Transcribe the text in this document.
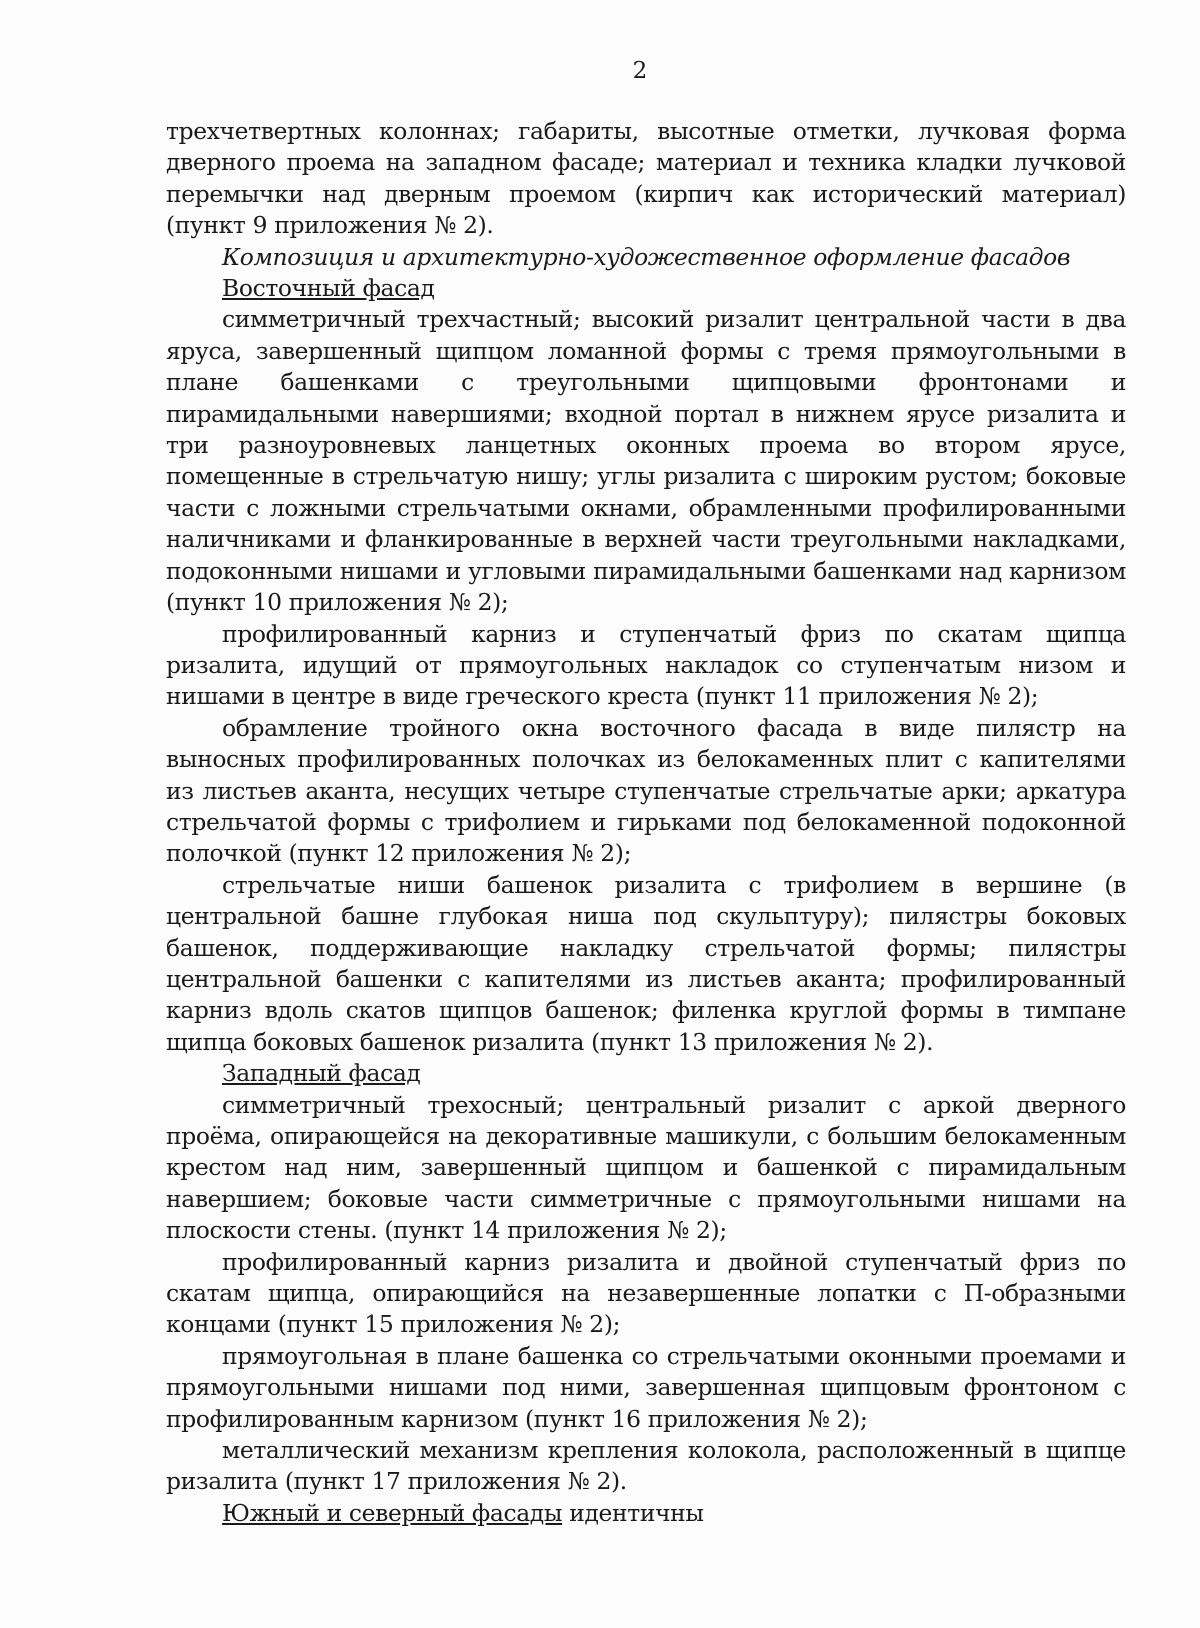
2

трехчетвертных колоннах; габариты, высотные отметки, лучковая форма дверного проема на западном фасаде; материал и техника кладки лучковой перемычки над дверным проемом (кирпич как исторический материал) (пункт 9 приложения № 2).

Композиция и архитектурно-художественное оформление фасадов

Восточный фасад

симметричный трехчастный; высокий ризалит центральной части в два яруса, завершенный щипцом ломанной формы с тремя прямоугольными в плане башенками с треугольными щипцовыми фронтонами и пирамидальными навершиями; входной портал в нижнем ярусе ризалита и три разноуровневых ланцетных оконных проема во втором ярусе, помещенные в стрельчатую нишу; углы ризалита с широким рустом; боковые части с ложными стрельчатыми окнами, обрамленными профилированными наличниками и фланкированные в верхней части треугольными накладками, подоконными нишами и угловыми пирамидальными башенками над карнизом (пункт 10 приложения № 2);

профилированный карниз и ступенчатый фриз по скатам щипца ризалита, идущий от прямоугольных накладок со ступенчатым низом и нишами в центре в виде греческого креста (пункт 11 приложения № 2);

обрамление тройного окна восточного фасада в виде пилястр на выносных профилированных полочках из белокаменных плит с капителями из листьев аканта, несущих четыре ступенчатые стрельчатые арки; аркатура стрельчатой формы с трифолием и гирьками под белокаменной подоконной полочкой (пункт 12 приложения № 2);

стрельчатые ниши башенок ризалита с трифолием в вершине (в центральной башне глубокая ниша под скульптуру); пилястры боковых башенок, поддерживающие накладку стрельчатой формы; пилястры центральной башенки с капителями из листьев аканта; профилированный карниз вдоль скатов щипцов башенок; филенка круглой формы в тимпане щипца боковых башенок ризалита (пункт 13 приложения № 2).

Западный фасад

симметричный трехосный; центральный ризалит с аркой дверного проёма, опирающейся на декоративные машикули, с большим белокаменным крестом над ним, завершенный щипцом и башенкой с пирамидальным навершием; боковые части симметричные с прямоугольными нишами на плоскости стены. (пункт 14 приложения № 2);

профилированный карниз ризалита и двойной ступенчатый фриз по скатам щипца, опирающийся на незавершенные лопатки с П-образными концами (пункт 15 приложения № 2);

прямоугольная в плане башенка со стрельчатыми оконными проемами и прямоугольными нишами под ними, завершенная щипцовым фронтоном с профилированным карнизом (пункт 16 приложения № 2);

металлический механизм крепления колокола, расположенный в щипце ризалита (пункт 17 приложения № 2).

Южный и северный фасады идентичны
